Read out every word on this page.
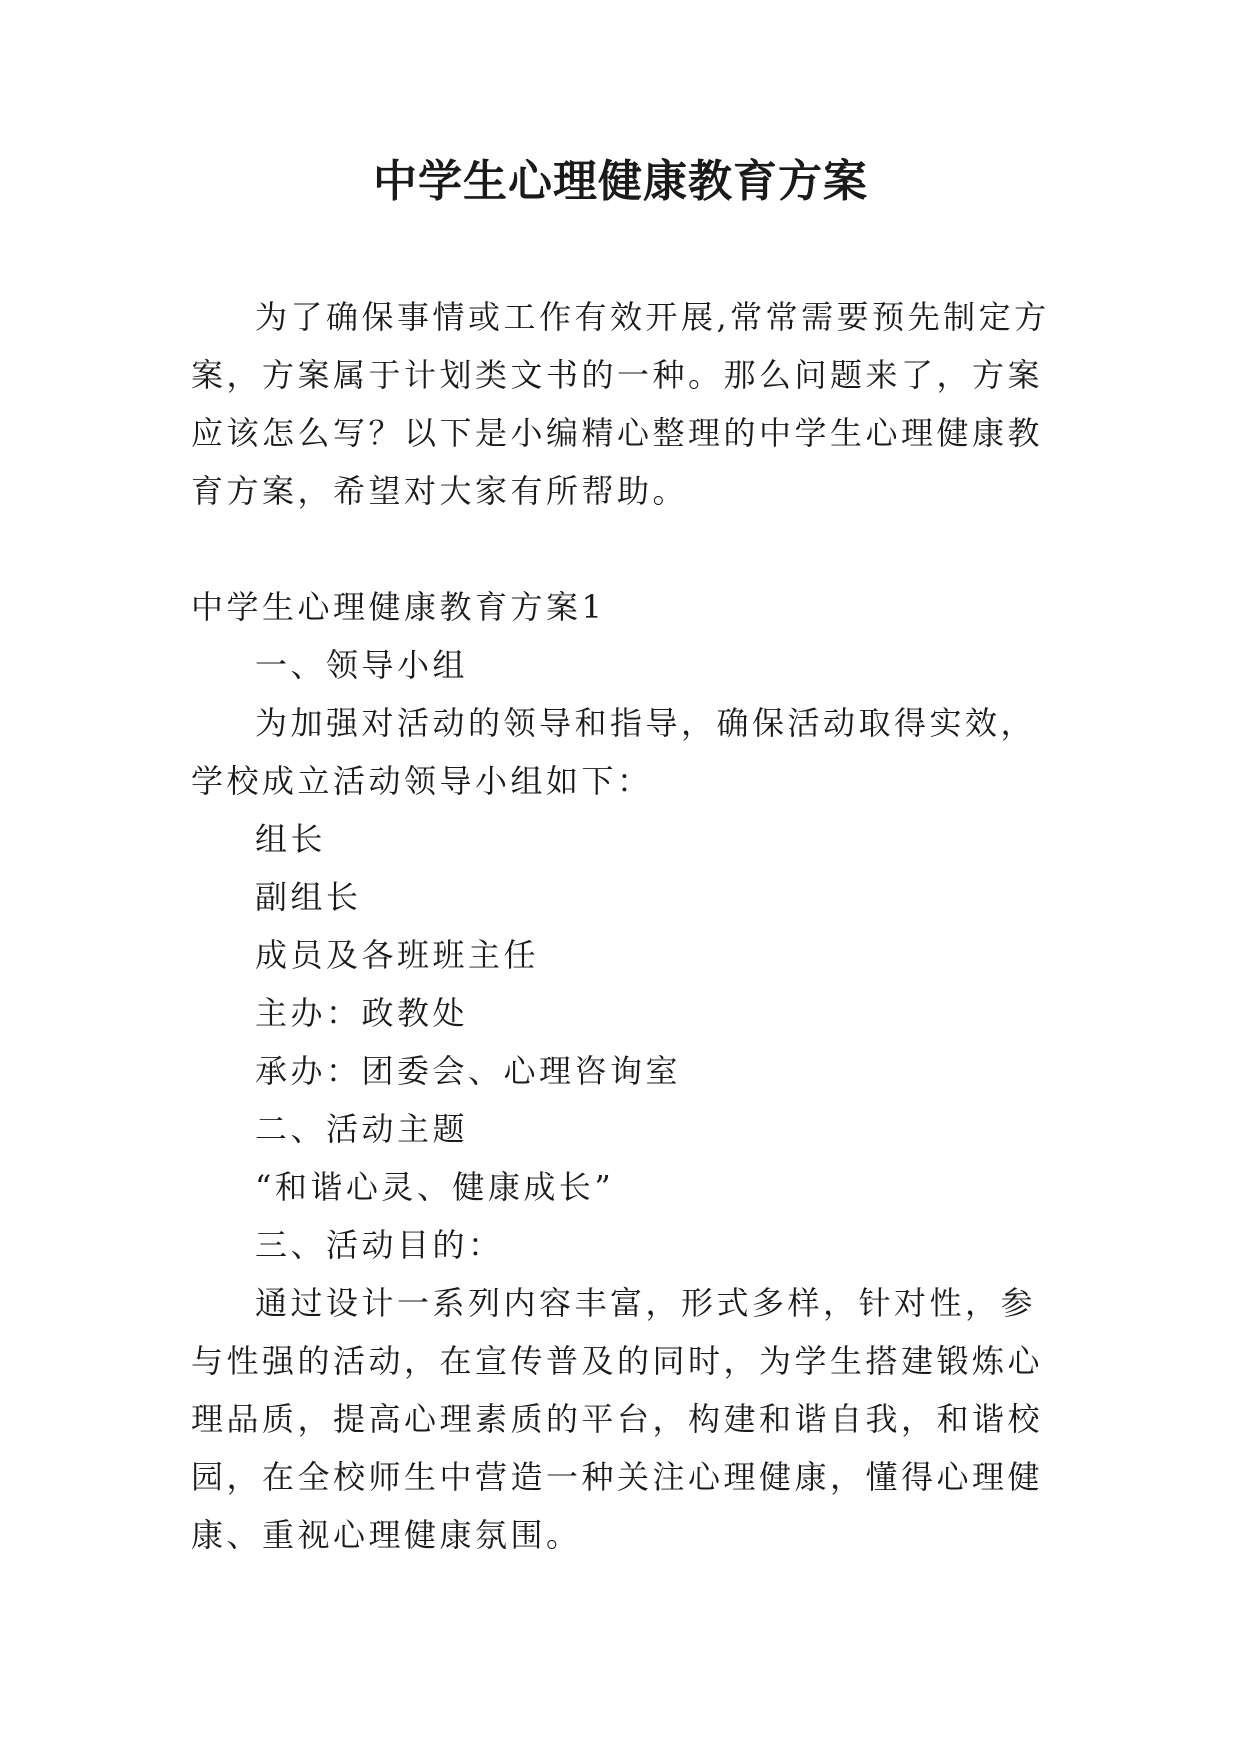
中学生心理健康教育方案

为了确保事情或工作有效开展,常常需要预先制定方案，方案属于计划类文书的一种。那么问题来了，方案应该怎么写？以下是小编精心整理的中学生心理健康教育方案，希望对大家有所帮助。

中学生心理健康教育方案1

一、领导小组

为加强对活动的领导和指导，确保活动取得实效，学校成立活动领导小组如下：

组长

副组长

成员及各班班主任

主办：政教处

承办：团委会、心理咨询室

二、活动主题

“和谐心灵、健康成长”

三、活动目的：

通过设计一系列内容丰富，形式多样，针对性，参与性强的活动，在宣传普及的同时，为学生搭建锻炼心理品质，提高心理素质的平台，构建和谐自我，和谐校园，在全校师生中营造一种关注心理健康，懂得心理健康、重视心理健康氛围。
